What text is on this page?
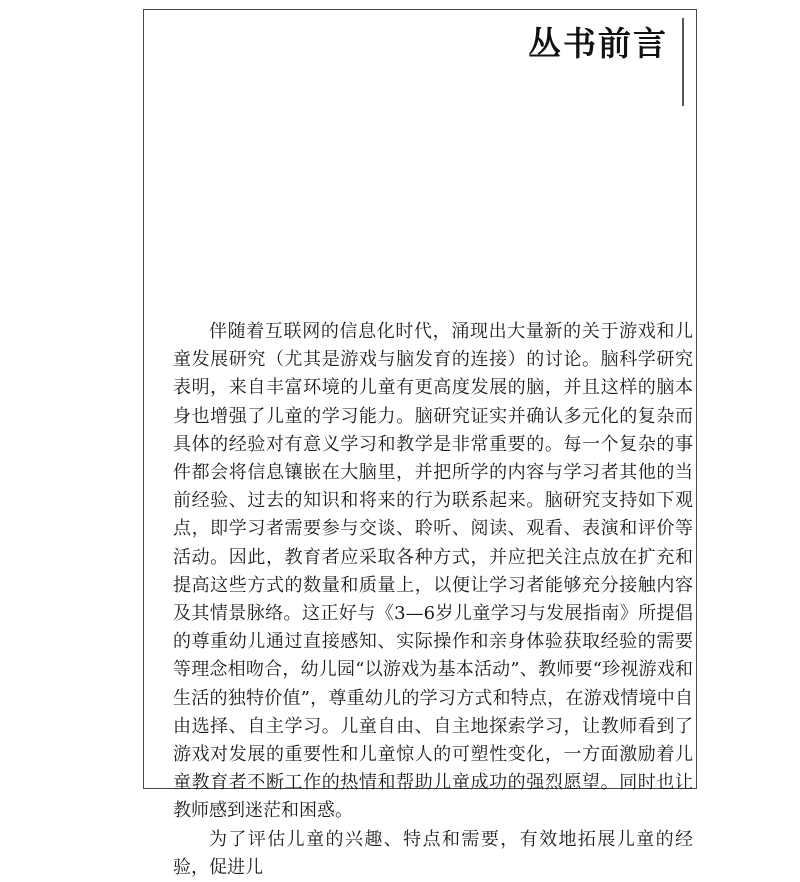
丛书前言

伴随着互联网的信息化时代，涌现出大量新的关于游戏和儿童发展研究（尤其是游戏与脑发育的连接）的讨论。脑科学研究表明，来自丰富环境的儿童有更高度发展的脑，并且这样的脑本身也增强了儿童的学习能力。脑研究证实并确认多元化的复杂而具体的经验对有意义学习和教学是非常重要的。每一个复杂的事件都会将信息镶嵌在大脑里，并把所学的内容与学习者其他的当前经验、过去的知识和将来的行为联系起来。脑研究支持如下观点，即学习者需要参与交谈、聆听、阅读、观看、表演和评价等活动。因此，教育者应采取各种方式，并应把关注点放在扩充和提高这些方式的数量和质量上，以便让学习者能够充分接触内容及其情景脉络。这正好与《3—6岁儿童学习与发展指南》所提倡的尊重幼儿通过直接感知、实际操作和亲身体验获取经验的需要等理念相吻合，幼儿园“以游戏为基本活动”、教师要“珍视游戏和生活的独特价值”，尊重幼儿的学习方式和特点，在游戏情境中自由选择、自主学习。儿童自由、自主地探索学习，让教师看到了游戏对发展的重要性和儿童惊人的可塑性变化，一方面激励着儿童教育者不断工作的热情和帮助儿童成功的强烈愿望。同时也让教师感到迷茫和困惑。

为了评估儿童的兴趣、特点和需要，有效地拓展儿童的经验，促进儿
